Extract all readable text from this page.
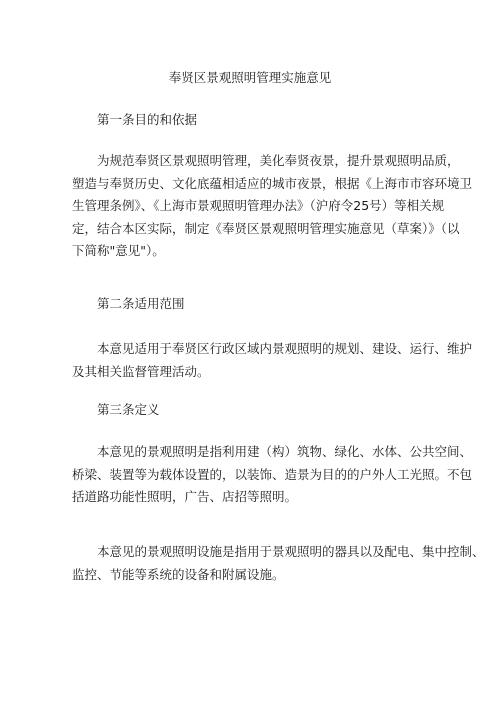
奉贤区景观照明管理实施意见
第一条目的和依据
为规范奉贤区景观照明管理，美化奉贤夜景，提升景观照明品质，
塑造与奉贤历史、文化底蕴相适应的城市夜景，根据《上海市市容环境卫
生管理条例》、《上海市景观照明管理办法》（沪府令25号）等相关规
定，结合本区实际，制定《奉贤区景观照明管理实施意见（草案）》（以
下简称"意见"）。
第二条适用范围
本意见适用于奉贤区行政区域内景观照明的规划、建设、运行、维护
及其相关监督管理活动。
第三条定义
本意见的景观照明是指利用建（构）筑物、绿化、水体、公共空间、
桥梁、装置等为载体设置的，以装饰、造景为目的的户外人工光照。不包
括道路功能性照明，广告、店招等照明。
本意见的景观照明设施是指用于景观照明的器具以及配电、集中控制、
监控、节能等系统的设备和附属设施。
